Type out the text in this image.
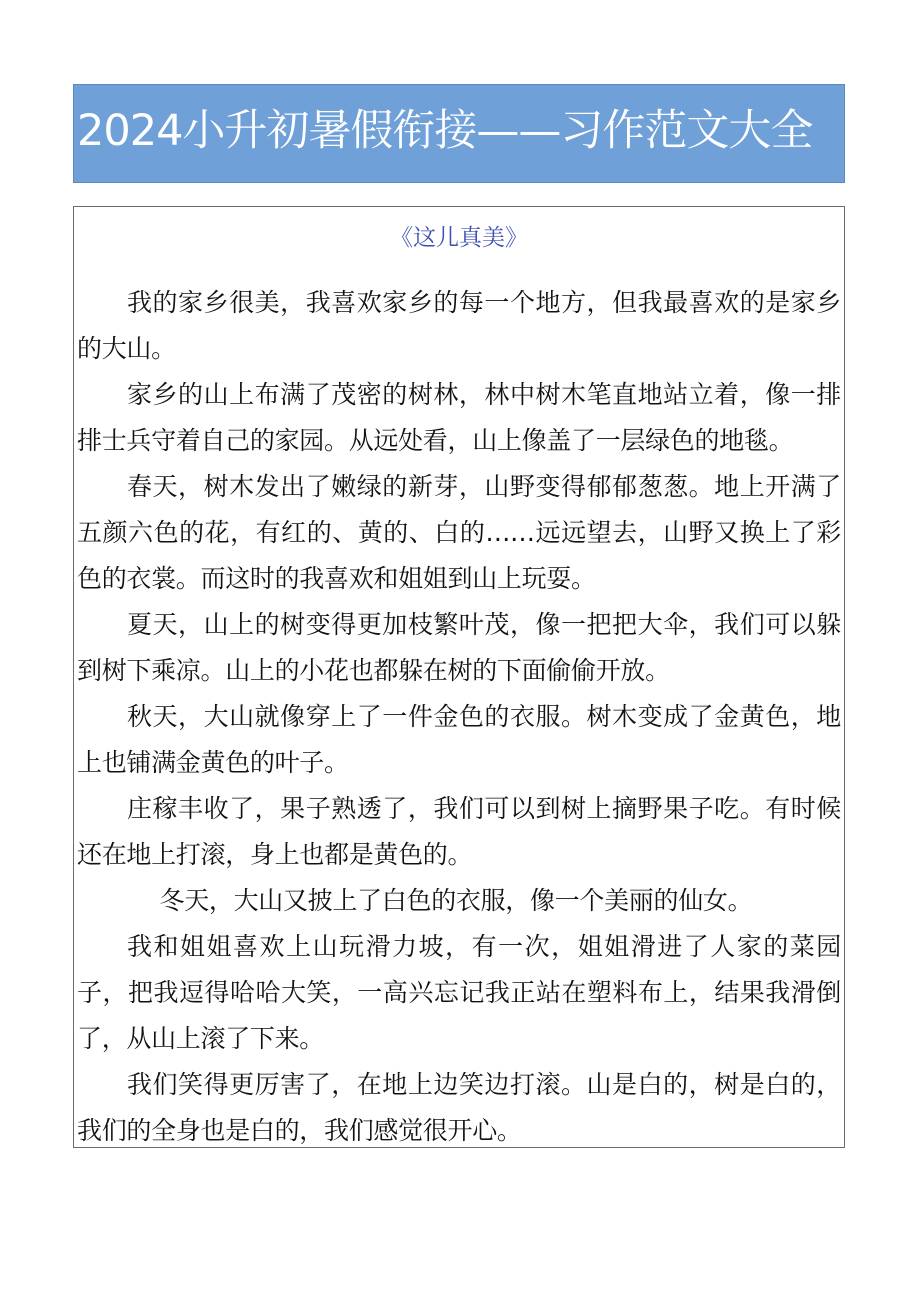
2024小升初暑假衔接——习作范文大全
《这儿真美》

我的家乡很美，我喜欢家乡的每一个地方，但我最喜欢的是家乡的大山。

家乡的山上布满了茂密的树林，林中树木笔直地站立着，像一排排士兵守着自己的家园。从远处看，山上像盖了一层绿色的地毯。

春天，树木发出了嫩绿的新芽，山野变得郁郁葱葱。地上开满了五颜六色的花，有红的、黄的、白的……远远望去，山野又换上了彩色的衣裳。而这时的我喜欢和姐姐到山上玩耍。

夏天，山上的树变得更加枝繁叶茂，像一把把大伞，我们可以躲到树下乘凉。山上的小花也都躲在树的下面偷偷开放。

秋天，大山就像穿上了一件金色的衣服。树木变成了金黄色，地上也铺满金黄色的叶子。

庄稼丰收了，果子熟透了，我们可以到树上摘野果子吃。有时候还在地上打滚，身上也都是黄色的。

冬天，大山又披上了白色的衣服，像一个美丽的仙女。

我和姐姐喜欢上山玩滑力坡，有一次，姐姐滑进了人家的菜园子，把我逗得哈哈大笑，一高兴忘记我正站在塑料布上，结果我滑倒了，从山上滚了下来。

我们笑得更厉害了，在地上边笑边打滚。山是白的，树是白的，我们的全身也是白的，我们感觉很开心。
